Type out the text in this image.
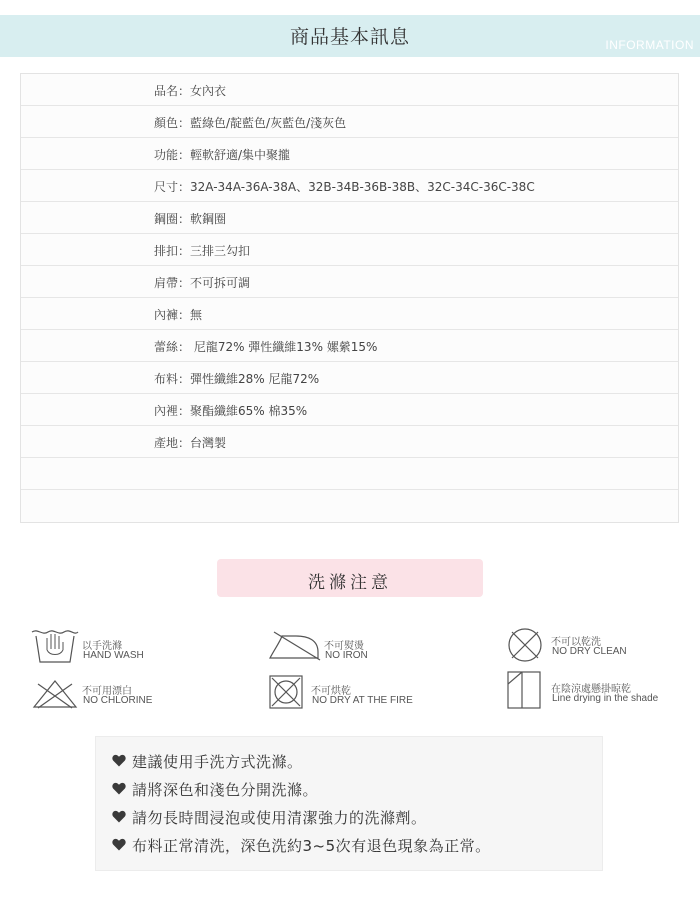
商品基本訊息	INFORMATION
品名：女內衣
顏色：藍綠色/靛藍色/灰藍色/淺灰色
功能：輕軟舒適/集中聚攏
尺寸：32A-34A-36A-38A、32B-34B-36B-38B、32C-34C-36C-38C
鋼圈：軟鋼圈
排扣：三排三勾扣
肩帶：不可拆可調
內褲：無
蕾絲： 尼龍72% 彈性纖維13% 嫘縈15%
布料：彈性纖維28% 尼龍72%
內裡：聚酯纖維65% 棉35%
產地：台灣製
洗滌注意
以手洗滌
HAND WASH
不可熨燙
NO IRON
不可以乾洗
NO DRY CLEAN
不可用漂白
NO CHLORINE
不可烘乾
NO DRY AT THE FIRE
在陰涼處懸掛晾乾
Line drying in the shade
建議使用手洗方式洗滌。
請將深色和淺色分開洗滌。
請勿長時間浸泡或使用清潔強力的洗滌劑。
布料正常清洗，深色洗約3~5次有退色現象為正常。
